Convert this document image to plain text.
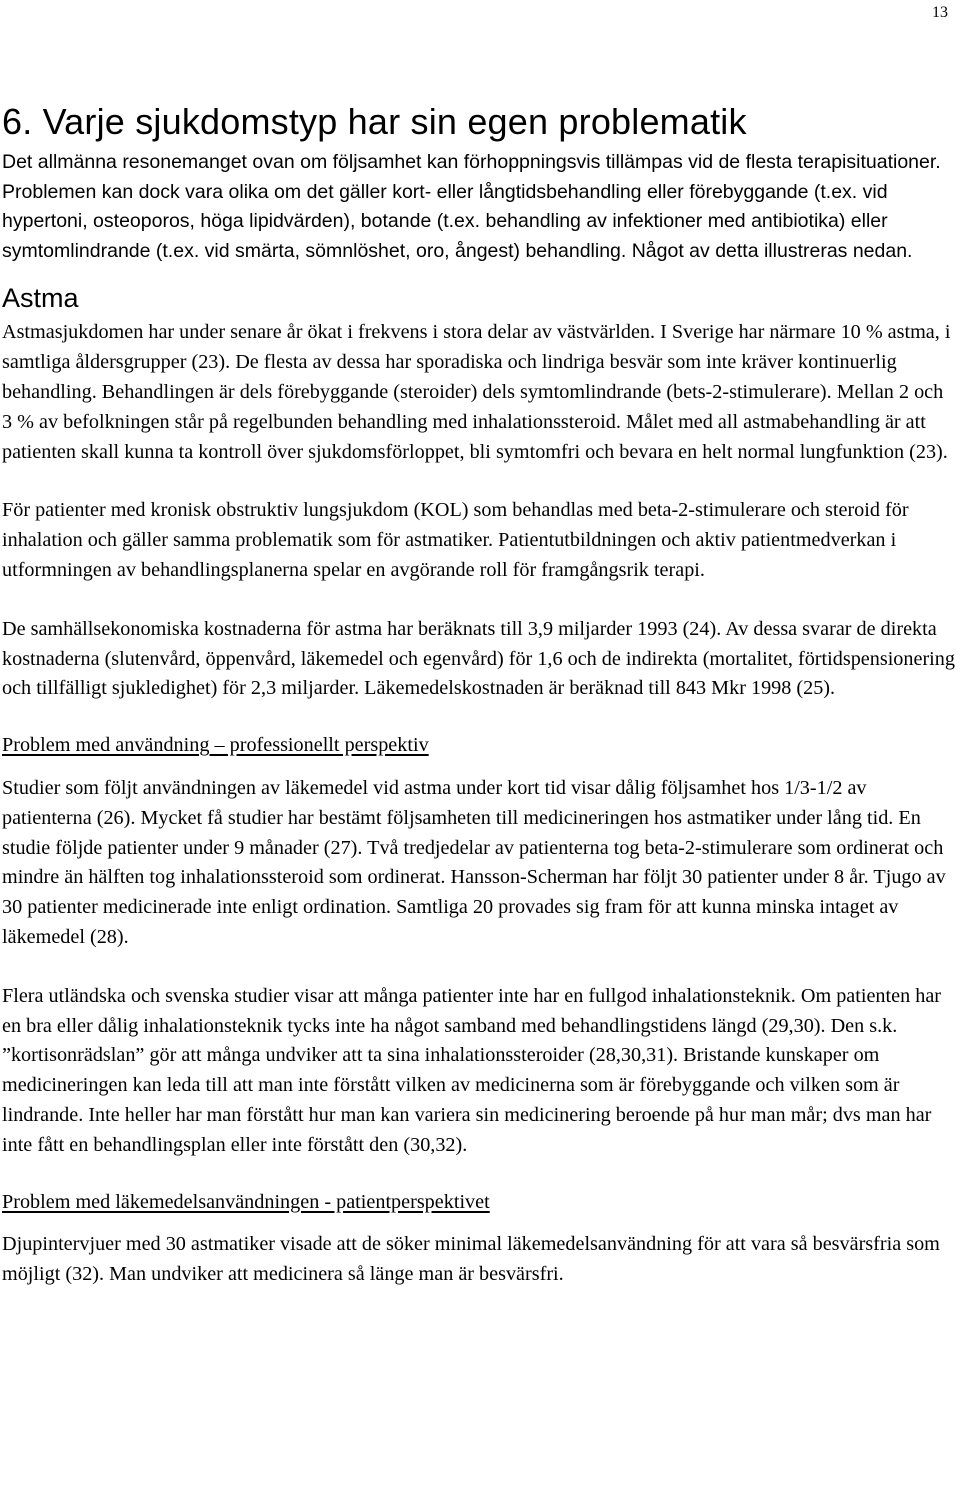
13
6. Varje sjukdomstyp har sin egen problematik

Det allmänna resonemanget ovan om följsamhet kan förhoppningsvis tillämpas vid de flesta terapisituationer. Problemen kan dock vara olika om det gäller kort- eller långtidsbehandling eller förebyggande (t.ex. vid hypertoni, osteoporos, höga lipidvärden), botande (t.ex. behandling av infektioner med antibiotika) eller symtomlindrande (t.ex. vid smärta, sömnlöshet, oro, ångest) behandling. Något av detta illustreras nedan.

Astma

Astmasjukdomen har under senare år ökat i frekvens i stora delar av västvärlden. I Sverige har närmare 10 % astma, i samtliga åldersgrupper (23). De flesta av dessa har sporadiska och lindriga besvär som inte kräver kontinuerlig behandling. Behandlingen är dels förebyggande (steroider) dels symtomlindrande (bets-2-stimulerare). Mellan 2 och 3 % av befolkningen står på regelbunden behandling med inhalationssteroid. Målet med all astmabehandling är att patienten skall kunna ta kontroll över sjukdomsförloppet, bli symtomfri och bevara en helt normal lungfunktion (23).

För patienter med kronisk obstruktiv lungsjukdom (KOL) som behandlas med beta-2-stimulerare och steroid för inhalation och gäller samma problematik som för astmatiker. Patientutbildningen och aktiv patientmedverkan i utformningen av behandlingsplanerna spelar en avgörande roll för framgångsrik terapi.

De samhällsekonomiska kostnaderna för astma har beräknats till 3,9 miljarder 1993 (24). Av dessa svarar de direkta kostnaderna (slutenvård, öppenvård, läkemedel och egenvård) för 1,6 och de indirekta (mortalitet, förtidspensionering och tillfälligt sjukledighet) för 2,3 miljarder. Läkemedelskostnaden är beräknad till 843 Mkr 1998 (25).

Problem med användning – professionellt perspektiv

Studier som följt användningen av läkemedel vid astma under kort tid visar dålig följsamhet hos 1/3-1/2 av patienterna (26). Mycket få studier har bestämt följsamheten till medicineringen hos astmatiker under lång tid. En studie följde patienter under 9 månader (27). Två tredjedelar av patienterna tog beta-2-stimulerare som ordinerat och mindre än hälften tog inhalationssteroid som ordinerat. Hansson-Scherman har följt 30 patienter under 8 år. Tjugo av 30 patienter medicinerade inte enligt ordination. Samtliga 20 provades sig fram för att kunna minska intaget av läkemedel (28).

Flera utländska och svenska studier visar att många patienter inte har en fullgod inhalationsteknik. Om patienten har en bra eller dålig inhalationsteknik tycks inte ha något samband med behandlingstidens längd (29,30). Den s.k. ”kortisonrädslan” gör att många undviker att ta sina inhalationssteroider (28,30,31). Bristande kunskaper om medicineringen kan leda till att man inte förstått vilken av medicinerna som är förebyggande och vilken som är lindrande. Inte heller har man förstått hur man kan variera sin medicinering beroende på hur man mår; dvs man har inte fått en behandlingsplan eller inte förstått den (30,32).

Problem med läkemedelsanvändningen - patientperspektivet

Djupintervjuer med 30 astmatiker visade att de söker minimal läkemedelsanvändning för att vara så besvärsfria som möjligt (32). Man undviker att medicinera så länge man är besvärsfri.
